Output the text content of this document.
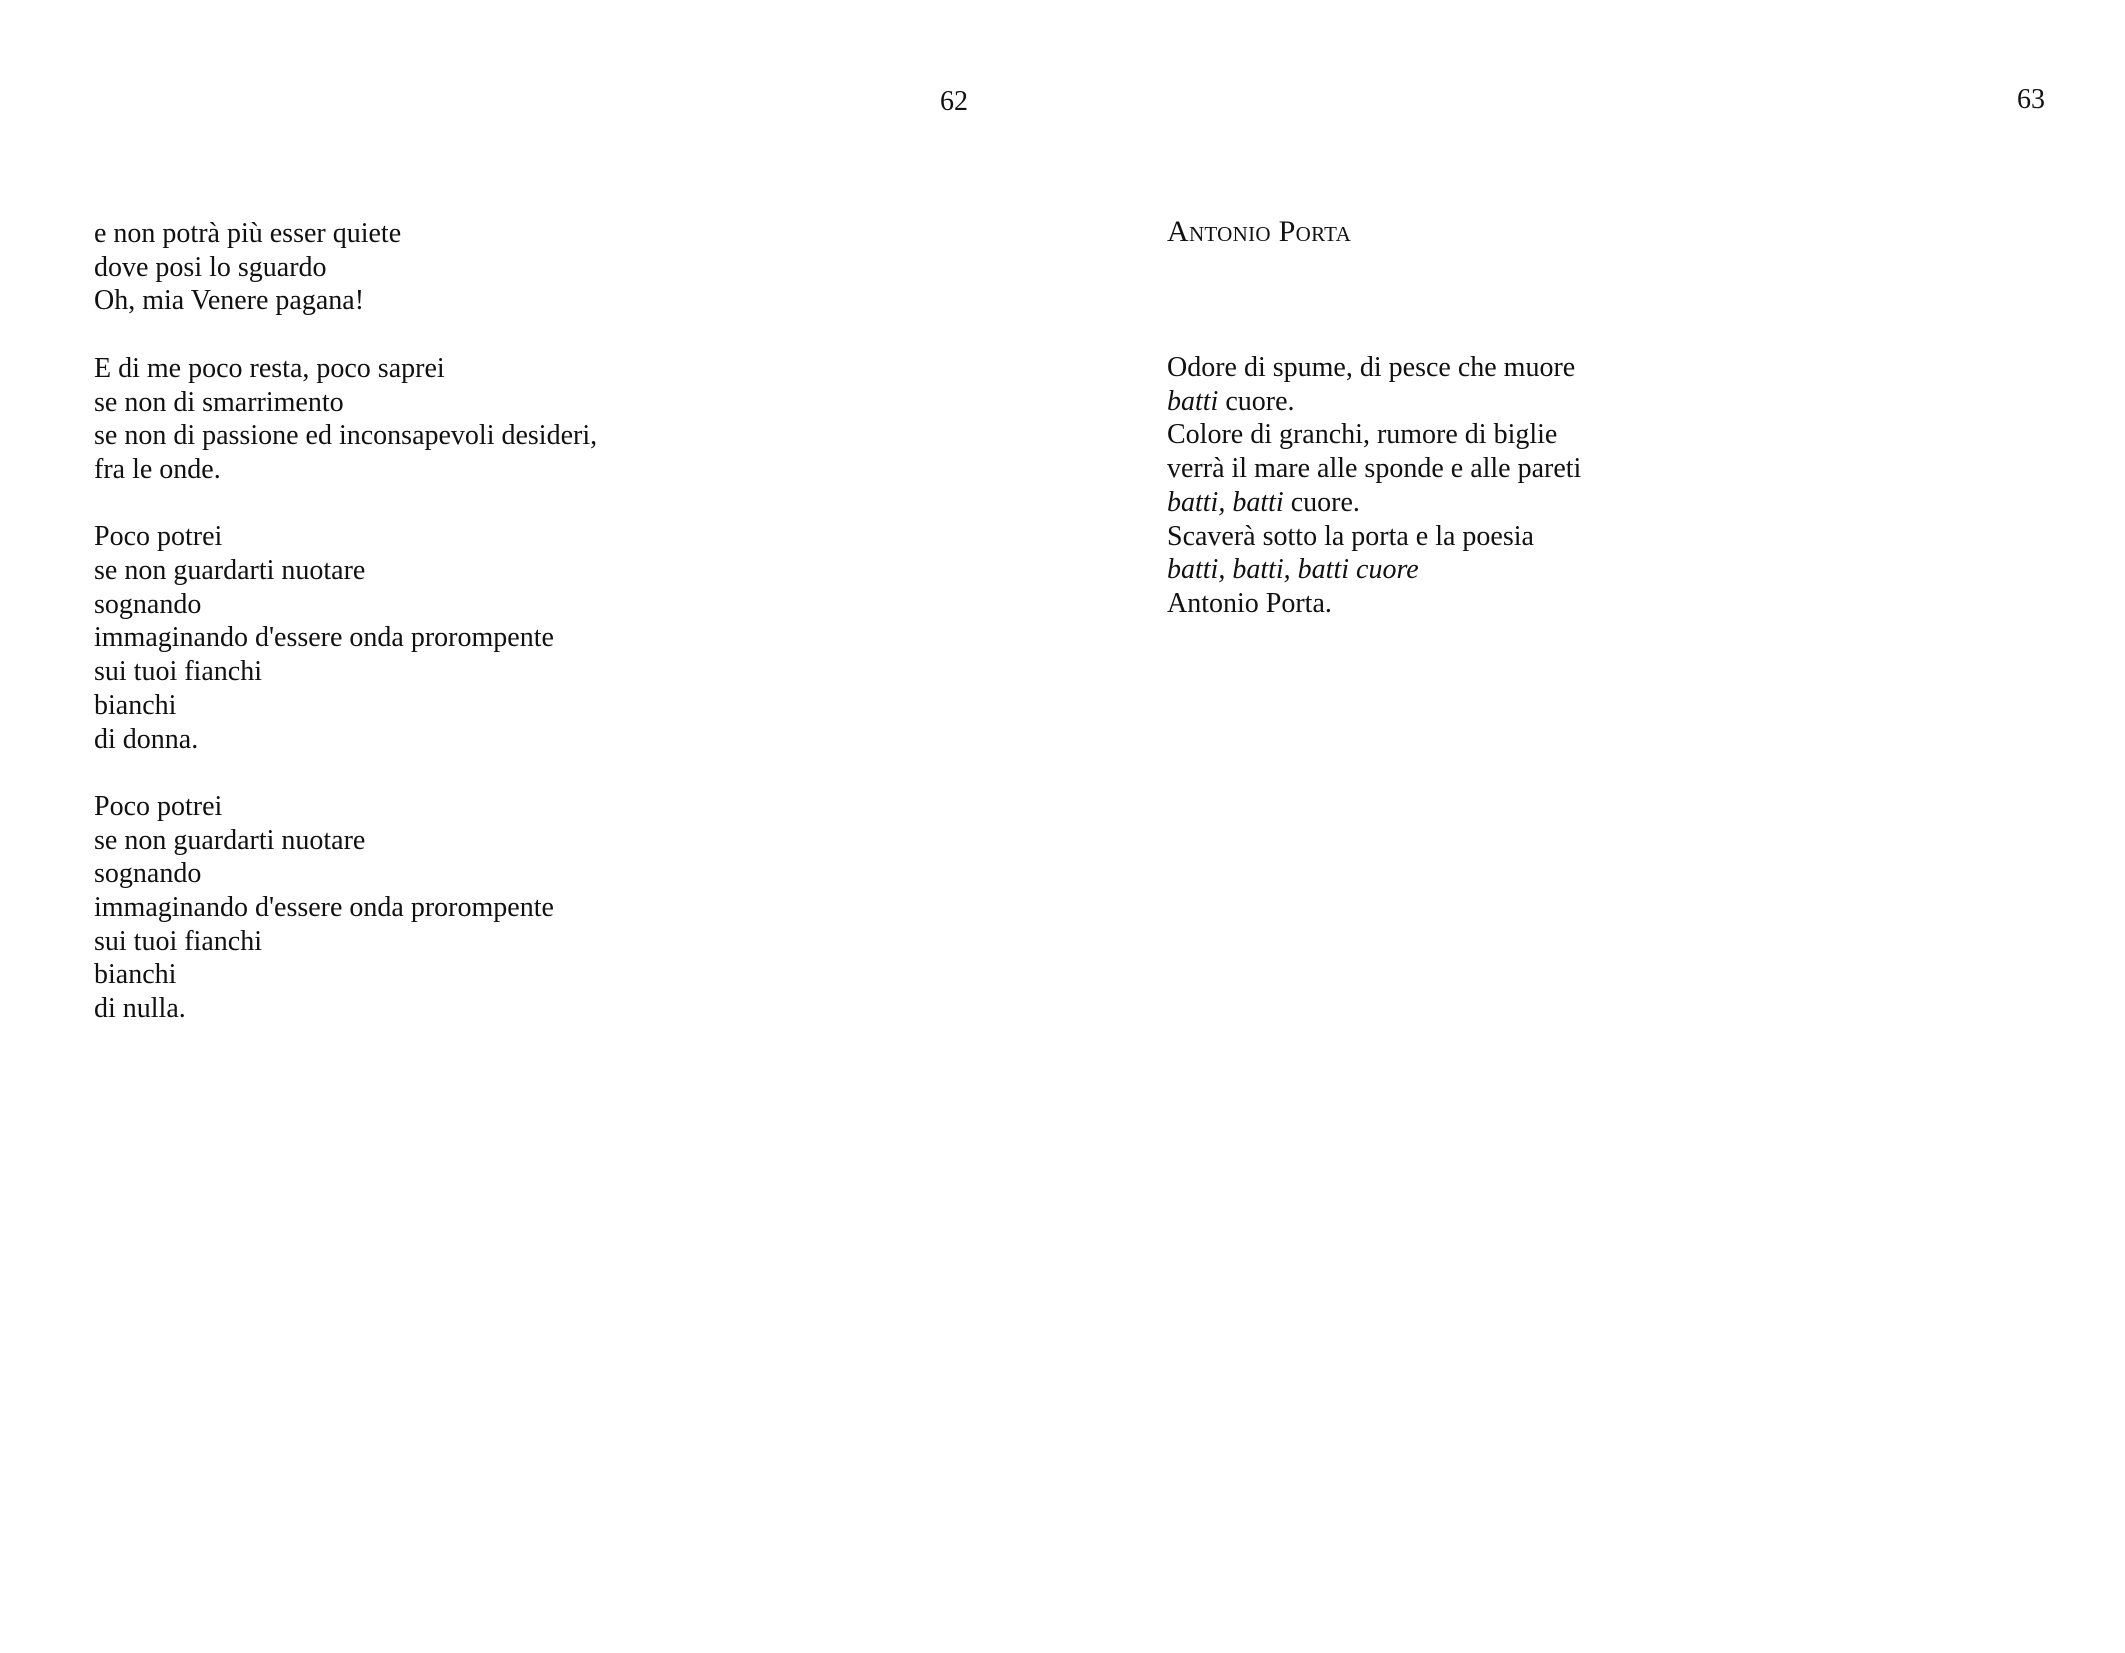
62
e non potrà più esser quiete
dove posi lo sguardo
Oh, mia Venere pagana!
E di me poco resta, poco saprei
se non di smarrimento
se non di passione ed inconsapevoli desideri,
fra le onde.
Poco potrei
se non guardarti nuotare
sognando
immaginando d'essere onda prorompente
sui tuoi fianchi
bianchi
di donna.
Poco potrei
se non guardarti nuotare
sognando
immaginando d'essere onda prorompente
sui tuoi fianchi
bianchi
di nulla.
63
Antonio Porta
Odore di spume, di pesce che muore
batti cuore.
Colore di granchi, rumore di biglie
verrà il mare alle sponde e alle pareti
batti, batti cuore.
Scaverà sotto la porta e la poesia
batti, batti, batti cuore
Antonio Porta.
